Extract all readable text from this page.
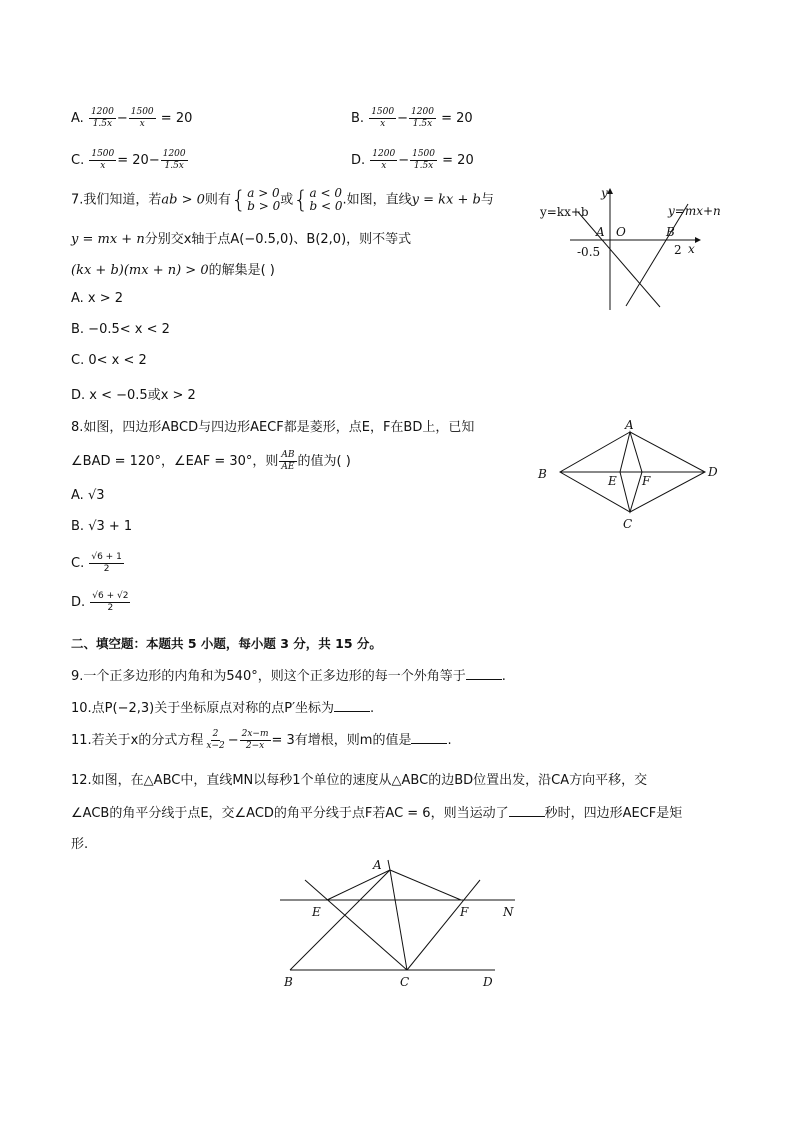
A. $\frac{1200}{1.5x} - \frac{1500}{x} = 20$	B. $\frac{1500}{x} - \frac{1200}{1.5x} = 20$
C. $\frac{1500}{x} = 20- \frac{1200}{1.5x}$	D. $\frac{1200}{x} - \frac{1500}{1.5x} = 20$
7.我们知道，若ab > 0则有 { a > 0
b > 0 或 { a < 0
b < 0 .如图，直线y = kx + b与
y = mx + n分别交x轴于点A(−0.5,0)、B(2,0)，则不等式
(kx + b)(mx + n) > 0的解集是( )
A. x > 2
B. −0.5< x < 2
C. 0< x < 2
D. x < −0.5或x > 2
y=kx+b	y=mx+n
y
x
A O	B
-0.5	2
8.如图，四边形ABCD与四边形AECF都是菱形，点E，F在BD上，已知
∠BAD = 120°，∠EAF = 30°，则 $\frac{AB}{AE}$ 的值为( )
A. √3
B. √3 + 1
C. $\frac{√6 + 1}{2}$
D. $\frac{√6 + √2}{2}$
A
B
C
D
E F
二、填空题：本题共 5 小题，每小题 3 分，共 15 分。
9.一个正多边形的内角和为540°，则这个正多边形的每一个外角等于	.
10.点P(−2,3)关于坐标原点对称的点P′坐标为	.
11.若关于x的分式方程 $\frac{2}{x-2} - \frac{2x-m}{2-x} = 3$有增根，则m的值是	.
12.如图，在△ABC中，直线MN以每秒1个单位的速度从△ABC的边BD位置出发，沿CA方向平移，交
∠ACB的角平分线于点E，交∠ACD的角平分线于点F若AC = 6，则当运动了	秒时，四边形AECF是矩
形.
A
E	F	N
B	C	D
